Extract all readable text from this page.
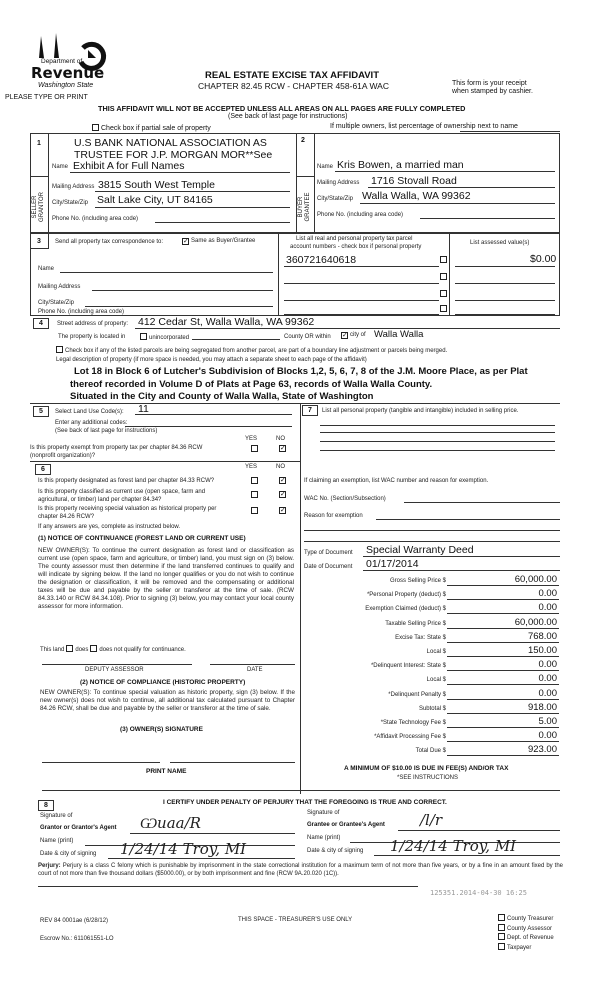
Department of
Revenue
Washington State
PLEASE TYPE OR PRINT
REAL ESTATE EXCISE TAX AFFIDAVIT
CHAPTER 82.45 RCW - CHAPTER 458-61A WAC	This form is your receipt
when stamped by cashier.
THIS AFFIDAVIT WILL NOT BE ACCEPTED UNLESS ALL AREAS ON ALL PAGES ARE FULLY COMPLETED
(See back of last page for instructions)
Check box if partial sale of property	If multiple owners, list percentage of ownership next to name
1	2
SELLER GRANTOR	BUYER GRANTEE
U.S BANK NATIONAL ASSOCIATION AS
TRUSTEE FOR J.P. MORGAN MOR**See
Name Exhibit A for Full Names
Mailing Address 3815 South West Temple
City/State/Zip Salt Lake City, UT 84165
Phone No. (including area code)
Name Kris Bowen, a married man
Mailing Address 1716 Stovall Road
City/State/Zip Walla Walla, WA 99362
Phone No. (including area code)
3 Send all property tax correspondence to:	✓ Same as Buyer/Grantee
Name
Mailing Address
City/State/Zip
Phone No. (including area code)
List all real and personal property tax parcel
account numbers - check box if personal property
List assessed value(s)
360721640618	$0.00
4	Street address of property: 412 Cedar St, Walla Walla, WA 99362
The property is located in	unincorporated	County OR within	✓ city of Walla Walla
Check box if any of the listed parcels are being segregated from another parcel, are part of a boundary line adjustment or parcels being merged.
Legal description of property (if more space is needed, you may attach a separate sheet to each page of the affidavit)
Lot 18 in Block 6 of Lutcher's Subdivision of Blocks 1,2, 5, 6, 7, 8 of the J.M. Moore Place, as per Plat
thereof recorded in Volume D of Plats at Page 63, records of Walla Walla County.
Situated in the City and County of Walla Walla, State of Washington
5	Select Land Use Code(s): 11
Enter any additional codes:
(See back of last page for instructions)
YES	NO
Is this property exempt from property tax per chapter 84.36 RCW
(nonprofit organization)?
✓
6	YES	NO
Is this property designated as forest land per chapter 84.33 RCW?	✓
Is this property classified as current use (open space, farm and
agricultural, or timber) land per chapter 84.34?
✓
Is this property receiving special valuation as historical property per
chapter 84.26 RCW?
✓
If any answers are yes, complete as instructed below.
(1) NOTICE OF CONTINUANCE (FOREST LAND OR CURRENT USE)
NEW OWNER(S): To continue the current designation as forest land or classification as current use (open space, farm and agriculture, or timber) land, you must sign on (3) below. The county assessor must then determine if the land transferred continues to qualify and will indicate by signing below. If the land no longer qualifies or you do not wish to continue the designation or classification, it will be removed and the compensating or additional taxes will be due and payable by the seller or transferor at the time of sale. (RCW 84.33.140 or RCW 84.34.108). Prior to signing (3) below, you may contact your local county assessor for more information.
This land does does not qualify for continuance.
DEPUTY ASSESSOR	DATE
(2) NOTICE OF COMPLIANCE (HISTORIC PROPERTY)
NEW OWNER(S): To continue special valuation as historic property, sign (3) below. If the new owner(s) does not wish to continue, all additional tax calculated pursuant to Chapter 84.26 RCW, shall be due and payable by the seller or transferor at the time of sale.
(3) OWNER(S) SIGNATURE
PRINT NAME
7	List all personal property (tangible and intangible) included in selling price.
If claiming an exemption, list WAC number and reason for exemption.
WAC No. (Section/Subsection)
Reason for exemption
Type of Document Special Warranty Deed
Date of Document 01/17/2014
Gross Selling Price $	60,000.00
*Personal Property (deduct) $	0.00
Exemption Claimed (deduct) $	0.00
Taxable Selling Price $	60,000.00
Excise Tax: State $	768.00
Local $	150.00
*Delinquent Interest: State $	0.00
Local $	0.00
*Delinquent Penalty $	0.00
Subtotal $	918.00
*State Technology Fee $	5.00
*Affidavit Processing Fee $	0.00
Total Due $	923.00
A MINIMUM OF $10.00 IS DUE IN FEE(S) AND/OR TAX
*SEE INSTRUCTIONS
8	I CERTIFY UNDER PENALTY OF PERJURY THAT THE FOREGOING IS TRUE AND CORRECT.
Signature of
Grantor or Grantor's Agent
Name (print)
Date & city of signing
Ѡuaa/R
1/24/14 Troy, MI
Signature of
Grantee or Grantee's Agent
Name (print)
Date & city of signing
/l/r
1/24/14 Troy, MI
Perjury: Perjury is a class C felony which is punishable by imprisonment in the state correctional institution for a maximum term of not more than five years, or by a fine in an amount fixed by the court of not more than five thousand dollars ($5000.00), or by both imprisonment and fine (RCW 9A.20.020 (1C)).
125351.2014-04-30 16:25
REV 84 0001ae (6/28/12)
Escrow No.: 611061551-LO
THIS SPACE - TREASURER'S USE ONLY	County Treasurer
County Assessor
Dept. of Revenue
Taxpayer
